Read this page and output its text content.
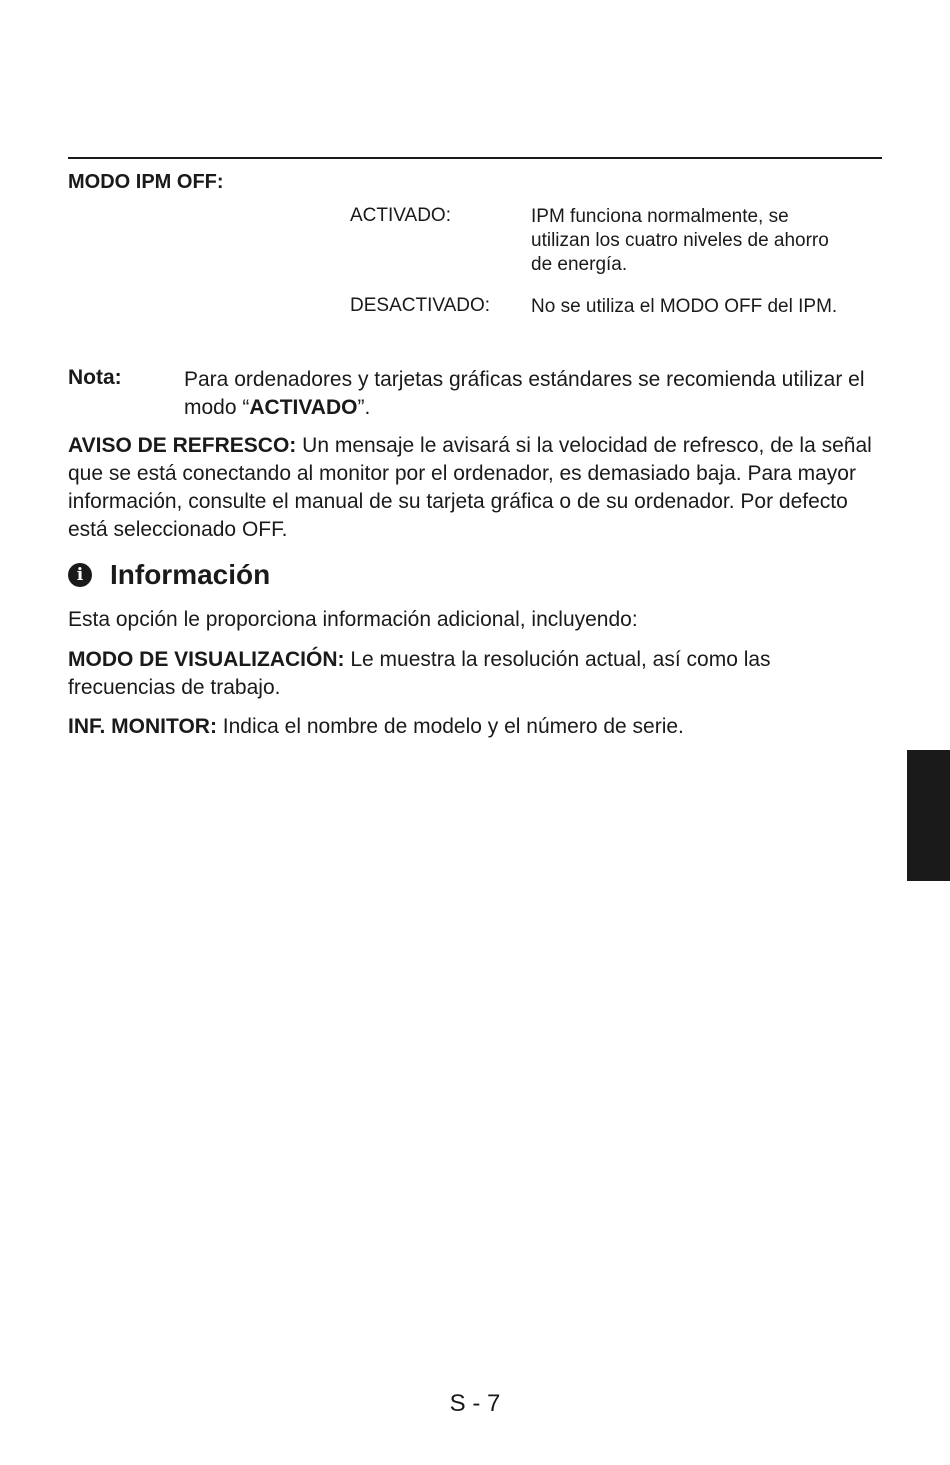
MODO IPM OFF:
ACTIVADO:	IPM funciona normalmente, se utilizan los cuatro niveles de ahorro de energía.
DESACTIVADO: No se utiliza el MODO OFF del IPM.
Nota:	Para ordenadores y tarjetas gráficas estándares se recomienda utilizar el modo “ACTIVADO”.
AVISO DE REFRESCO: Un mensaje le avisará si la velocidad de refresco, de la señal que se está conectando al monitor por el ordenador, es demasiado baja. Para mayor información, consulte el manual de su tarjeta gráfica o de su ordenador. Por defecto está seleccionado OFF.
i Información
Esta opción le proporciona información adicional, incluyendo:
MODO DE VISUALIZACIÓN: Le muestra la resolución actual, así como las frecuencias de trabajo.
INF. MONITOR: Indica el nombre de modelo y el número de serie.
S - 7
